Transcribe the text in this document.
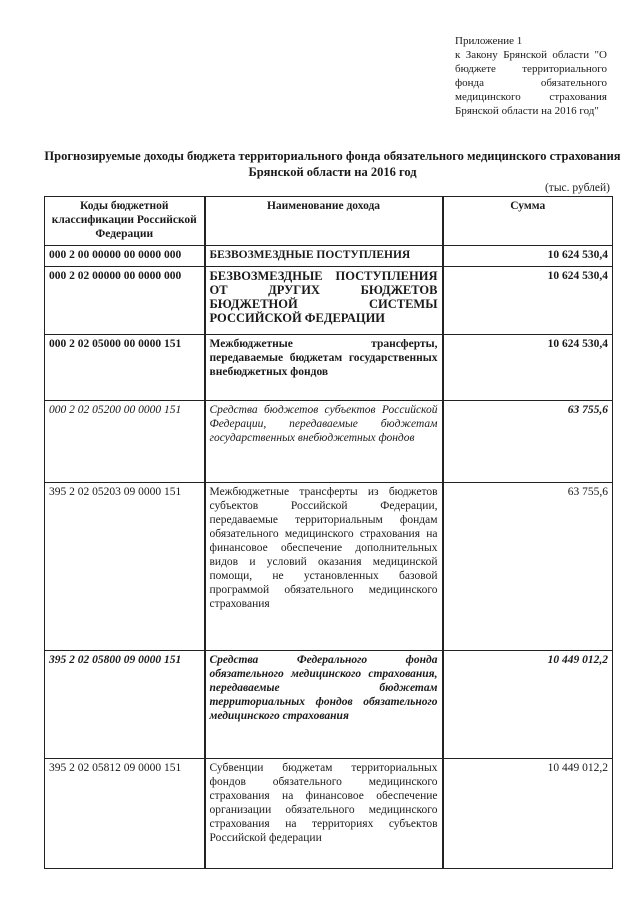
Приложение 1
к Закону Брянской области "О бюджете территориального фонда обязательного медицинского страхования Брянской области на 2016 год"
Прогнозируемые доходы бюджета территориального фонда обязательного медицинского страхования Брянской области на 2016 год
(тыс. рублей)
Коды бюджетной классификации Российской Федерации	Наименование дохода	Сумма
000 2 00 00000 00 0000 000	БЕЗВОЗМЕЗДНЫЕ ПОСТУПЛЕНИЯ	10 624 530,4
000 2 02 00000 00 0000 000	БЕЗВОЗМЕЗДНЫЕ ПОСТУПЛЕНИЯ ОТ ДРУГИХ БЮДЖЕТОВ БЮДЖЕТНОЙ СИСТЕМЫ РОССИЙСКОЙ ФЕДЕРАЦИИ	10 624 530,4
000 2 02 05000 00 0000 151	Межбюджетные трансферты, передаваемые бюджетам государственных внебюджетных фондов	10 624 530,4
000 2 02 05200 00 0000 151	Средства бюджетов субъектов Российской Федерации, передаваемые бюджетам государственных внебюджетных фондов	63 755,6
395 2 02 05203 09 0000 151	Межбюджетные трансферты из бюджетов субъектов Российской Федерации, передаваемые территориальным фондам обязательного медицинского страхования на финансовое обеспечение дополнительных видов и условий оказания медицинской помощи, не установленных базовой программой обязательного медицинского страхования	63 755,6
395 2 02 05800 09 0000 151	Средства Федерального фонда обязательного медицинского страхования, передаваемые бюджетам территориальных фондов обязательного медицинского страхования	10 449 012,2
395 2 02 05812 09 0000 151	Субвенции бюджетам территориальных фондов обязательного медицинского страхования на финансовое обеспечение организации обязательного медицинского страхования на территориях субъектов Российской федерации	10 449 012,2
